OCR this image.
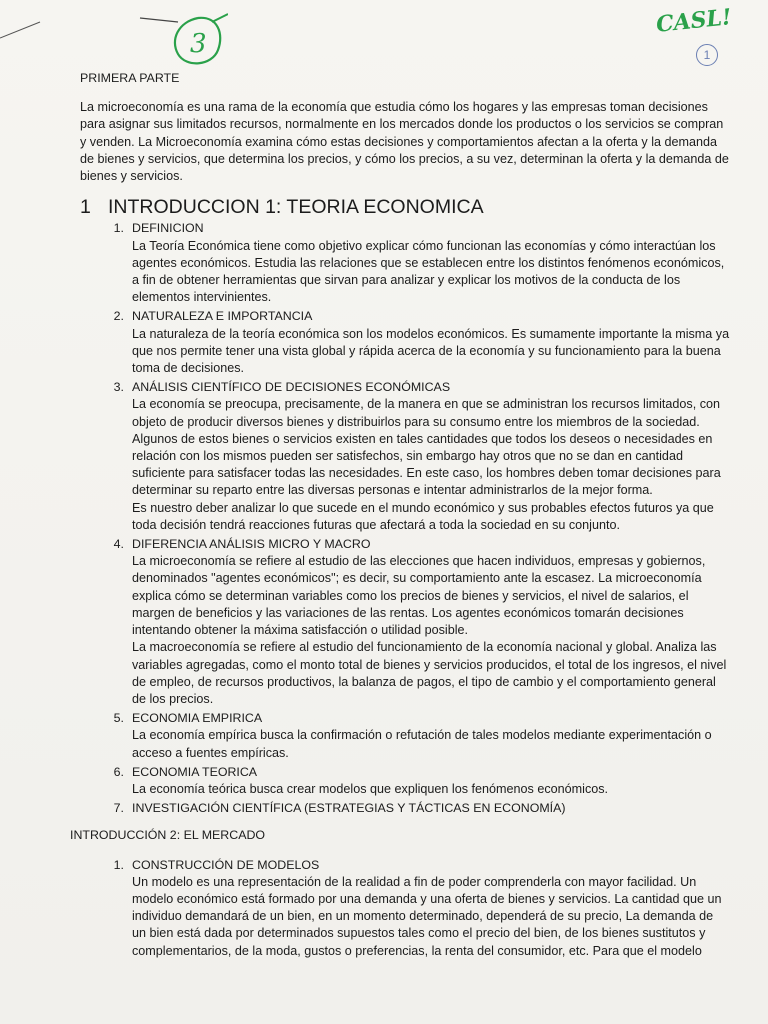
3
CASL!
1
PRIMERA PARTE

La microeconomía es una rama de la economía que estudia cómo los hogares y las empresas toman decisiones para asignar sus limitados recursos, normalmente en los mercados donde los productos o los servicios se compran y venden. La Microeconomía examina cómo estas decisiones y comportamientos afectan a la oferta y la demanda de bienes y servicios, que determina los precios, y cómo los precios, a su vez, determinan la oferta y la demanda de bienes y servicios.

1 INTRODUCCION 1: TEORIA ECONOMICA
1. DEFINICION

La Teoría Económica tiene como objetivo explicar cómo funcionan las economías y cómo interactúan los agentes económicos. Estudia las relaciones que se establecen entre los distintos fenómenos económicos, a fin de obtener herramientas que sirvan para analizar y explicar los motivos de la conducta de los elementos intervinientes.

2. NATURALEZA E IMPORTANCIA

La naturaleza de la teoría económica son los modelos económicos. Es sumamente importante la misma ya que nos permite tener una vista global y rápida acerca de la economía y su funcionamiento para la buena toma de decisiones.

3. ANÁLISIS CIENTÍFICO DE DECISIONES ECONÓMICAS

La economía se preocupa, precisamente, de la manera en que se administran los recursos limitados, con objeto de producir diversos bienes y distribuirlos para su consumo entre los miembros de la sociedad. Algunos de estos bienes o servicios existen en tales cantidades que todos los deseos o necesidades en relación con los mismos pueden ser satisfechos, sin embargo hay otros que no se dan en cantidad suficiente para satisfacer todas las necesidades. En este caso, los hombres deben tomar decisiones para determinar su reparto entre las diversas personas e intentar administrarlos de la mejor forma.

Es nuestro deber analizar lo que sucede en el mundo económico y sus probables efectos futuros ya que toda decisión tendrá reacciones futuras que afectará a toda la sociedad en su conjunto.

4. DIFERENCIA ANÁLISIS MICRO Y MACRO

La microeconomía se refiere al estudio de las elecciones que hacen individuos, empresas y gobiernos, denominados "agentes económicos"; es decir, su comportamiento ante la escasez. La microeconomía explica cómo se determinan variables como los precios de bienes y servicios, el nivel de salarios, el margen de beneficios y las variaciones de las rentas. Los agentes económicos tomarán decisiones intentando obtener la máxima satisfacción o utilidad posible.

La macroeconomía se refiere al estudio del funcionamiento de la economía nacional y global. Analiza las variables agregadas, como el monto total de bienes y servicios producidos, el total de los ingresos, el nivel de empleo, de recursos productivos, la balanza de pagos, el tipo de cambio y el comportamiento general de los precios.

5. ECONOMIA EMPIRICA

La economía empírica busca la confirmación o refutación de tales modelos mediante experimentación o acceso a fuentes empíricas.

6. ECONOMIA TEORICA

La economía teórica busca crear modelos que expliquen los fenómenos económicos.

7. INVESTIGACIÓN CIENTÍFICA (ESTRATEGIAS Y TÁCTICAS EN ECONOMÍA)
INTRODUCCIÓN 2: EL MERCADO
1. CONSTRUCCIÓN DE MODELOS

Un modelo es una representación de la realidad a fin de poder comprenderla con mayor facilidad. Un modelo económico está formado por una demanda y una oferta de bienes y servicios. La cantidad que un individuo demandará de un bien, en un momento determinado, dependerá de su precio, La demanda de un bien está dada por determinados supuestos tales como el precio del bien, de los bienes sustitutos y complementarios, de la moda, gustos o preferencias, la renta del consumidor, etc. Para que el modelo
